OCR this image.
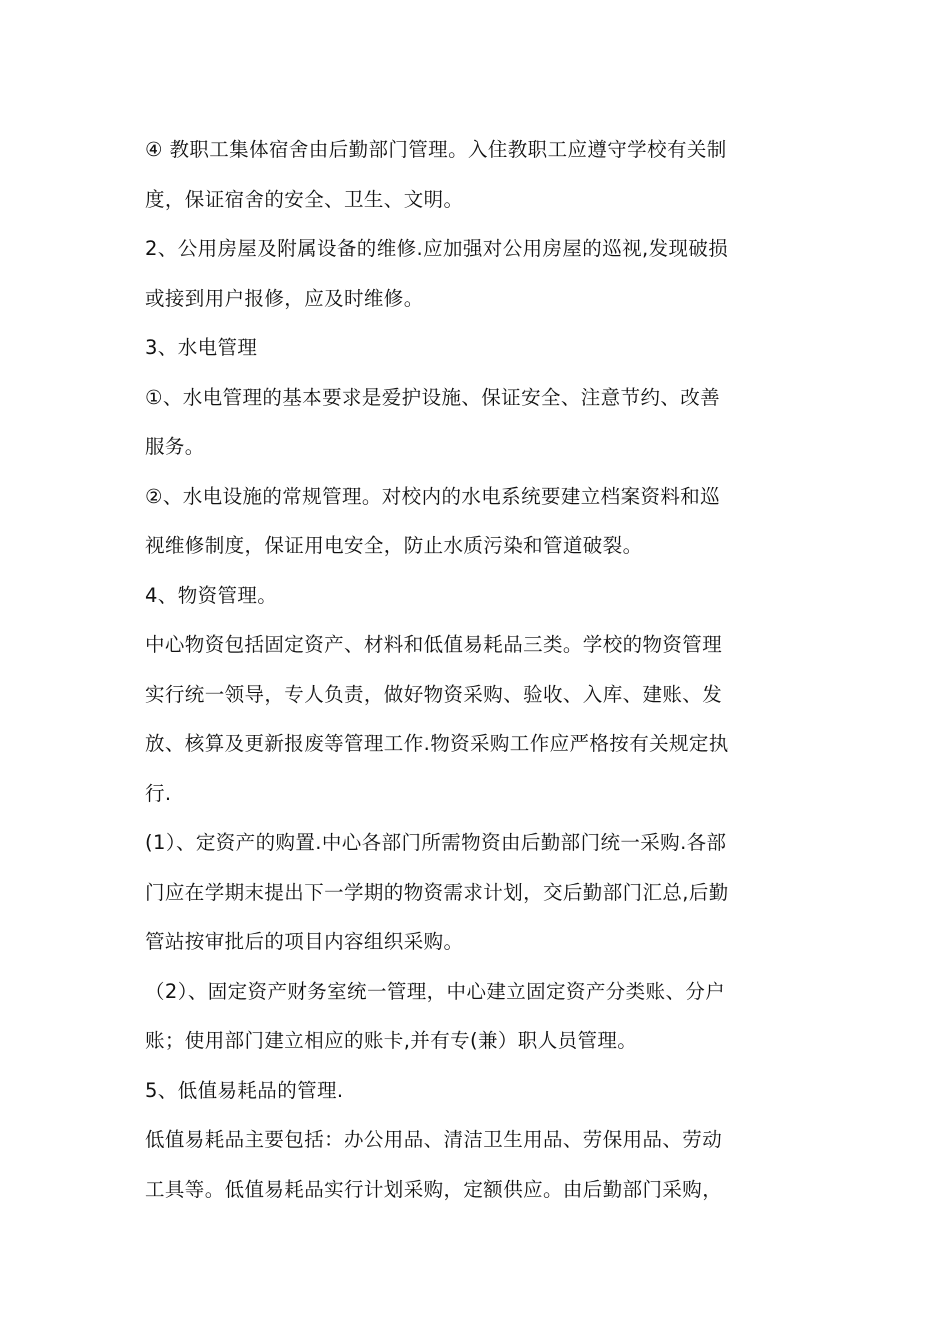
④ 教职工集体宿舍由后勤部门管理。入住教职工应遵守学校有关制
度，保证宿舍的安全、卫生、文明。
2、公用房屋及附属设备的维修.应加强对公用房屋的巡视,发现破损
或接到用户报修，应及时维修。
3、水电管理
①、水电管理的基本要求是爱护设施、保证安全、注意节约、改善
服务。
②、水电设施的常规管理。对校内的水电系统要建立档案资料和巡
视维修制度，保证用电安全，防止水质污染和管道破裂。
4、物资管理。
中心物资包括固定资产、材料和低值易耗品三类。学校的物资管理
实行统一领导，专人负责，做好物资采购、验收、入库、建账、发
放、核算及更新报废等管理工作.物资采购工作应严格按有关规定执
行.
(1）、定资产的购置.中心各部门所需物资由后勤部门统一采购.各部
门应在学期末提出下一学期的物资需求计划，交后勤部门汇总,后勤
管站按审批后的项目内容组织采购。
（2）、固定资产财务室统一管理，中心建立固定资产分类账、分户
账；使用部门建立相应的账卡,并有专(兼）职人员管理。
5、低值易耗品的管理.
低值易耗品主要包括：办公用品、清洁卫生用品、劳保用品、劳动
工具等。低值易耗品实行计划采购，定额供应。由后勤部门采购，
